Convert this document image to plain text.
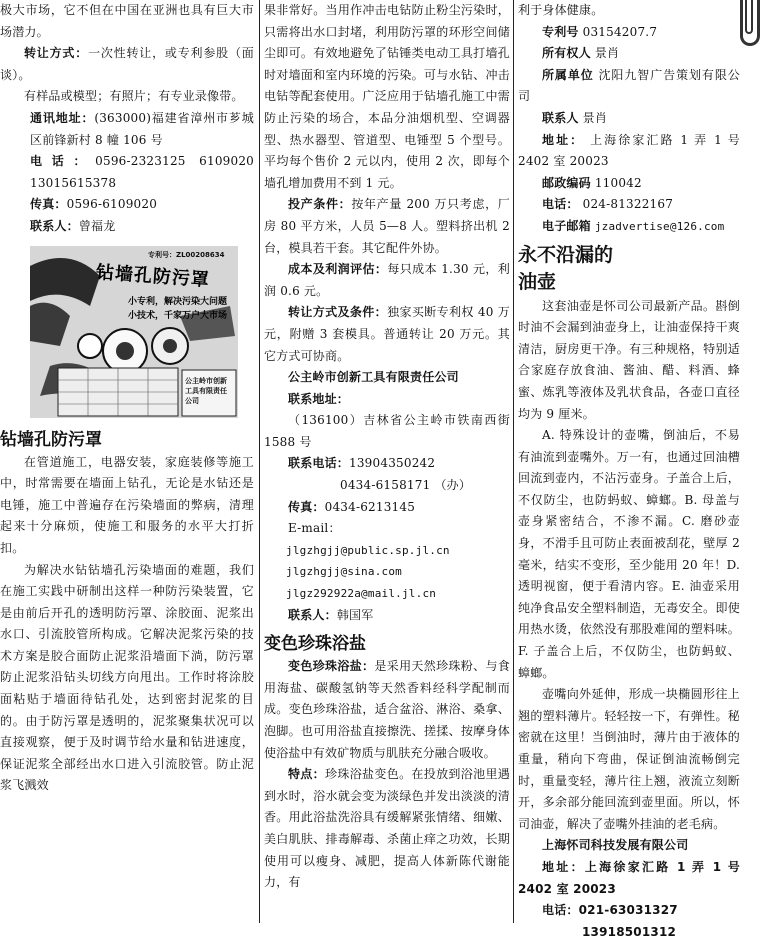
极大市场，它不但在中国在亚洲也具有巨大市场潜力。

转让方式：一次性转让，或专利参股（面谈）。

有样品或模型；有照片；有专业录像带。

通讯地址：(363000)福建省漳州市芗城区前锋新村 8 幢 106 号

电话：0596-2323125 6109020 13015615378

传真：0596-6109020

联系人：曾福龙

专利号：ZL00208634
钻墙孔防污罩
小专利，解决污染大问题
小技术，千家万户大市场
公主岭市创新工具有限责任公司

钻墙孔防污罩

在管道施工，电器安装，家庭装修等施工中，时常需要在墙面上钻孔，无论是水钻还是电锤，施工中普遍存在污染墙面的弊病，清理起来十分麻烦，使施工和服务的水平大打折扣。

为解决水钻钻墙孔污染墙面的难题，我们在施工实践中研制出这样一种防污染装置，它是由前后开孔的透明防污罩、涂胶面、泥浆出水口、引流胶管所构成。它解决泥浆污染的技术方案是胶合面防止泥浆沿墙面下淌，防污罩防止泥浆沿钻头切线方向甩出。工作时将涂胶面粘贴于墙面待钻孔处，达到密封泥浆的目的。由于防污罩是透明的，泥浆聚集状况可以直接观察，便于及时调节给水量和钻进速度，保证泥浆全部经出水口进入引流胶管。防止泥浆飞溅效

果非常好。当用作冲击电钻防止粉尘污染时，只需将出水口封堵，利用防污罩的环形空间储尘即可。有效地避免了钻锤类电动工具打墙孔时对墙面和室内环境的污染。可与水钻、冲击电钻等配套使用。广泛应用于钻墙孔施工中需防止污染的场合，本品分油烟机型、空调器型、热水器型、管道型、电锤型 5 个型号。平均每个售价 2 元以内，使用 2 次，即每个墙孔增加费用不到 1 元。

投产条件：按年产量 200 万只考虑，厂房 80 平方米，人员 5—8 人。塑料挤出机 2 台，模具若干套。其它配件外协。

成本及利润评估：每只成本 1.30 元，利润 0.6 元。

转让方式及条件：独家买断专利权 40 万元，附赠 3 套模具。普通转让 20 万元。其它方式可协商。

公主岭市创新工具有限责任公司

联系地址：

（136100）吉林省公主岭市铁南西街 1588 号

联系电话：13904350242

0434-6158171 （办）

传真：0434-6213145

E-mail：

jlgzhgjj@public.sp.jl.cn

jlgzhgjj@sina.com

jlgz292922a@mail.jl.cn

联系人：韩国军

变色珍珠浴盐

变色珍珠浴盐：是采用天然珍珠粉、与食用海盐、碳酸氢钠等天然香料经科学配制而成。变色珍珠浴盐，适合盆浴、淋浴、桑拿、泡脚。也可用浴盐直接擦洗、搓揉、按摩身体使浴盐中有效矿物质与肌肤充分融合吸收。

特点：珍珠浴盐变色。在投放到浴池里遇到水时，浴水就会变为淡绿色并发出淡淡的清香。用此浴盐洗浴具有缓解紧张情绪、细嫩、美白肌肤、排毒解毒、杀菌止痒之功效，长期使用可以瘦身、减肥，提高人体新陈代谢能力，有

利于身体健康。

专利号 03154207.7

所有权人 景肖

所属单位 沈阳九智广告策划有限公司

联系人 景肖

地址： 上海徐家汇路 1 弄 1 号 2402 室 20023

邮政编码 110042

电话： 024-81322167

电子邮箱 jzadvertise@126.com

永不沿漏的

油壶

这套油壶是怀司公司最新产品。斟倒时油不会漏到油壶身上，让油壶保持干爽清洁，厨房更干净。有三种规格，特别适合家庭存放食油、酱油、醋、料酒、蜂蜜、炼乳等液体及乳状食品，各壶口直径均为 9 厘米。

A. 特殊设计的壶嘴，倒油后，不易有油流到壶嘴外。万一有，也通过回油槽回流到壶内，不沾污壶身。子盖合上后，不仅防尘，也防蚂蚁、蟑螂。B. 母盖与壶身紧密结合，不渗不漏。C. 磨砂壶身，不滑手且可防止表面被刮花，壁厚 2 毫米，结实不变形，至少能用 20 年！D. 透明视窗，便于看清内容。E. 油壶采用纯净食品安全塑料制造，无毒安全。即使用热水烫，依然没有那股难闻的塑料味。F. 子盖合上后，不仅防尘，也防蚂蚁、蟑螂。

壶嘴向外延伸，形成一块椭圆形往上翘的塑料薄片。轻轻按一下，有弹性。秘密就在这里！当倒油时，薄片由于液体的重量，稍向下弯曲，保证倒油流畅倒完时，重量变轻，薄片往上翘，液流立刻断开，多余部分能回流到壶里面。所以，怀司油壶，解决了壶嘴外挂油的老毛病。

上海怀司科技发展有限公司

地址：上海徐家汇路 1 弄 1 号 2402 室 20023

电话：021-63031327

13918501312
